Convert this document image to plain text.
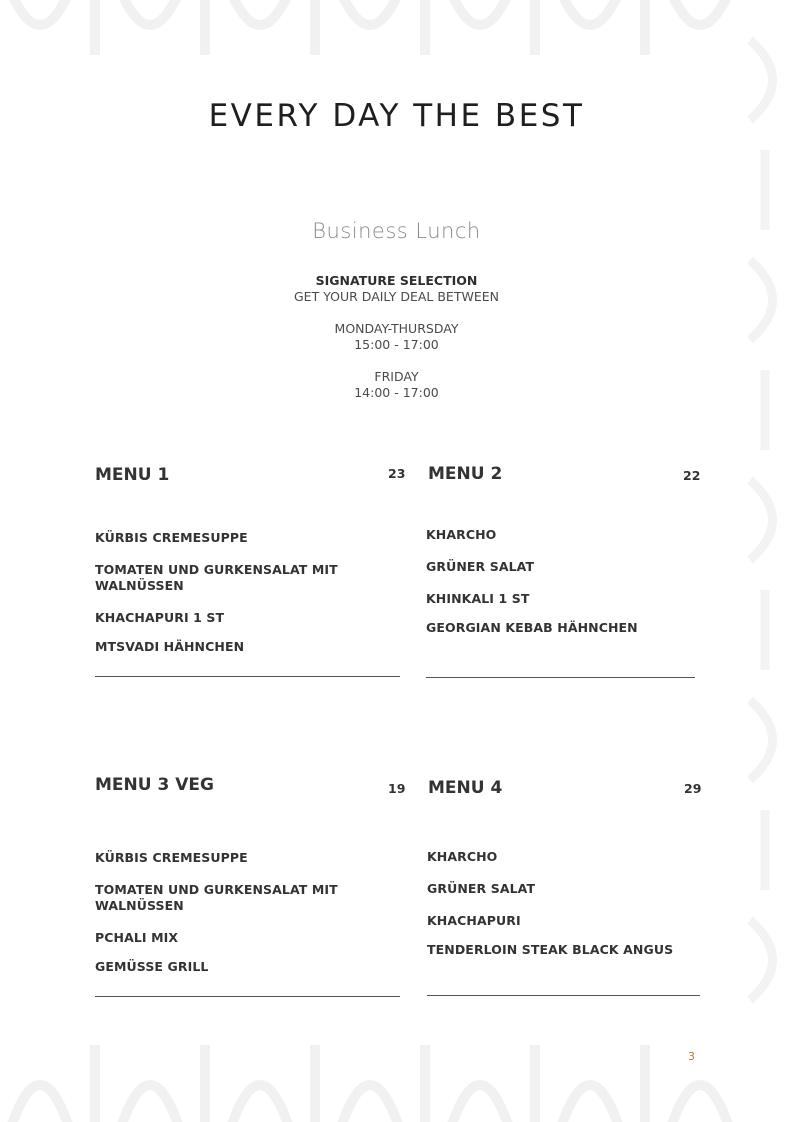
EVERY DAY THE BEST
Business Lunch
SIGNATURE SELECTION
GET YOUR DAILY DEAL BETWEEN
MONDAY-THURSDAY
15:00 - 17:00
FRIDAY
14:00 - 17:00
MENU 1	23
KÜRBIS CREMESUPPE
TOMATEN UND GURKENSALAT MIT WALNÜSSEN
KHACHAPURI 1 ST
MTSVADI HÄHNCHEN
MENU 2	22
KHARCHO
GRÜNER SALAT
KHINKALI 1 ST
GEORGIAN KEBAB HÄHNCHEN
MENU 3 VEG	19
KÜRBIS CREMESUPPE
TOMATEN UND GURKENSALAT MIT WALNÜSSEN
PCHALI MIX
GEMÜSSE GRILL
MENU 4	29
KHARCHO
GRÜNER SALAT
KHACHAPURI
TENDERLOIN STEAK BLACK ANGUS
3
